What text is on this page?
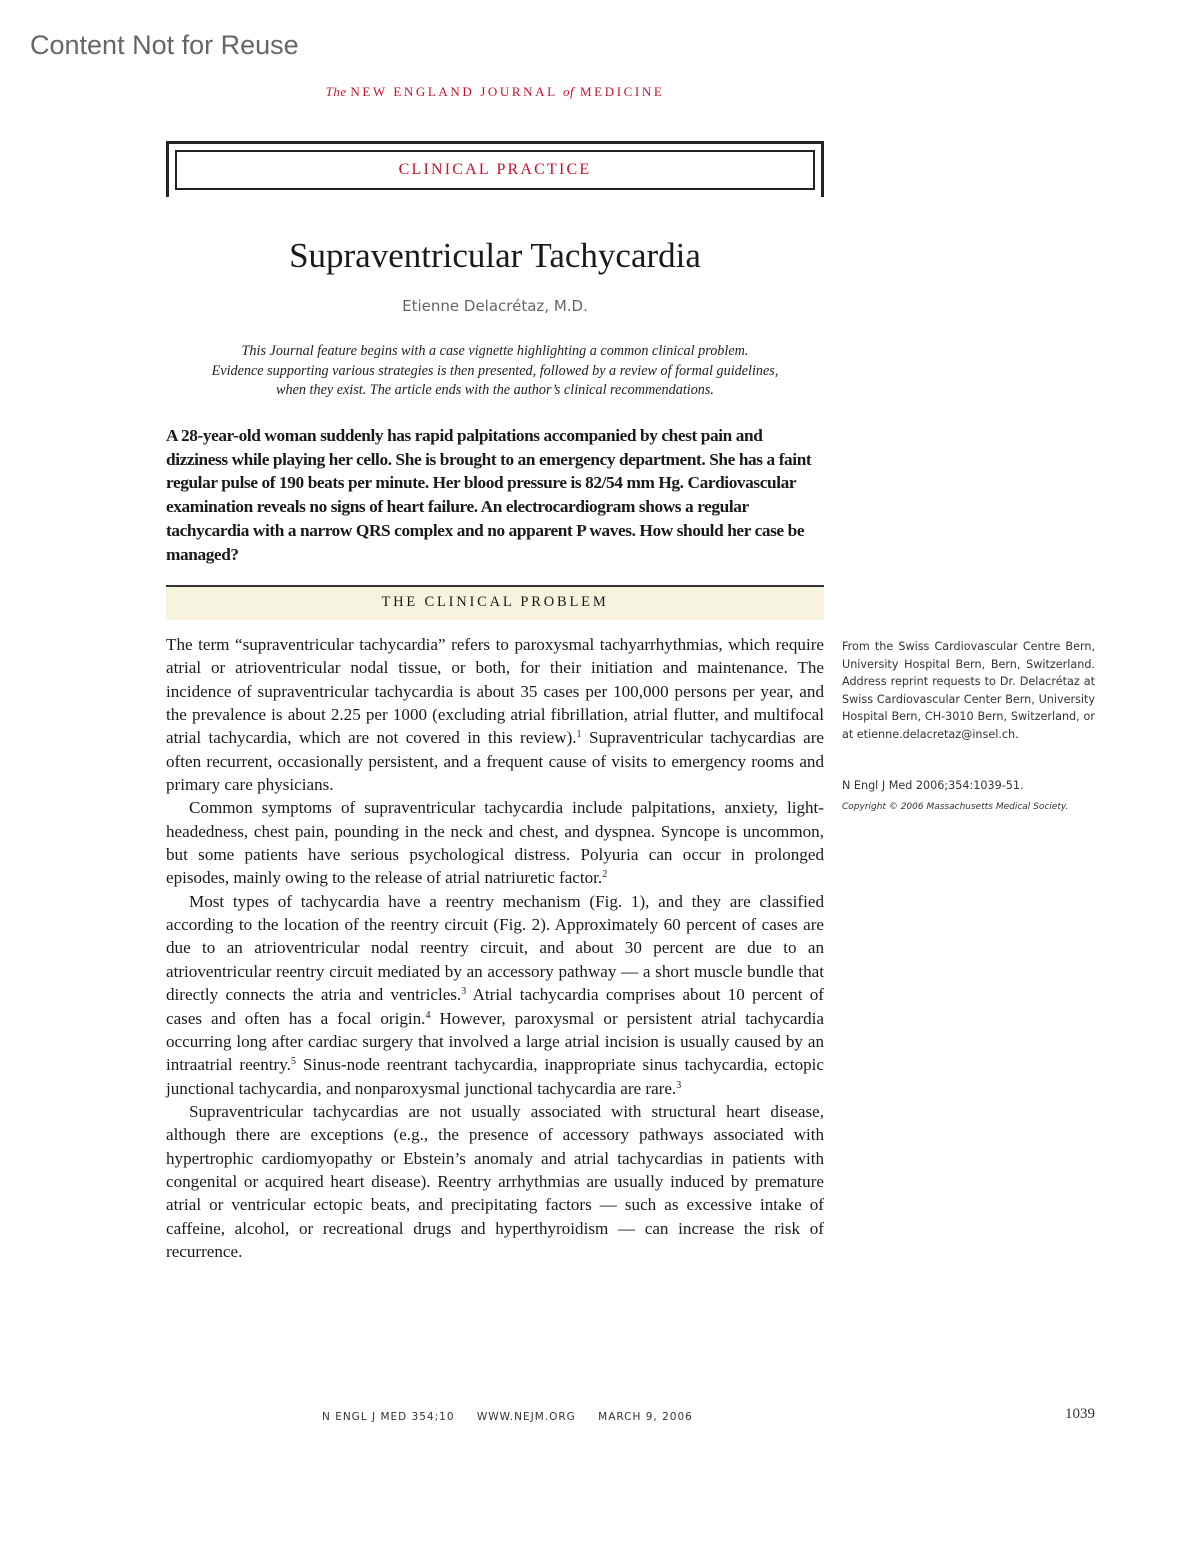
Content Not for Reuse
The NEW ENGLAND JOURNAL of MEDICINE
CLINICAL PRACTICE
Supraventricular Tachycardia
Etienne Delacrétaz, M.D.

This Journal feature begins with a case vignette highlighting a common clinical problem.

Evidence supporting various strategies is then presented, followed by a review of formal guidelines,

when they exist. The article ends with the author’s clinical recommendations.

A 28-year-old woman suddenly has rapid palpitations accompanied by chest pain and dizziness while playing her cello. She is brought to an emergency department. She has a faint regular pulse of 190 beats per minute. Her blood pressure is 82/54 mm Hg. Cardiovascular examination reveals no signs of heart failure. An electrocardiogram shows a regular tachycardia with a narrow QRS complex and no apparent P waves. How should her case be managed?

THE CLINICAL PROBLEM

The term “supraventricular tachycardia” refers to paroxysmal tachyarrhythmias, which require atrial or atrioventricular nodal tissue, or both, for their initiation and maintenance. The incidence of supraventricular tachycardia is about 35 cases per 100,000 persons per year, and the prevalence is about 2.25 per 1000 (excluding atrial fibrillation, atrial flutter, and multifocal atrial tachycardia, which are not covered in this review).$^1$ Supraventricular tachycardias are often recurrent, occasionally persistent, and a frequent cause of visits to emergency rooms and primary care physicians.

Common symptoms of supraventricular tachycardia include palpitations, anxiety, light-headedness, chest pain, pounding in the neck and chest, and dyspnea. Syncope is uncommon, but some patients have serious psychological distress. Polyuria can occur in prolonged episodes, mainly owing to the release of atrial natriuretic factor.$^2$

Most types of tachycardia have a reentry mechanism (Fig. 1), and they are classified according to the location of the reentry circuit (Fig. 2). Approximately 60 percent of cases are due to an atrioventricular nodal reentry circuit, and about 30 percent are due to an atrioventricular reentry circuit mediated by an accessory pathway — a short muscle bundle that directly connects the atria and ventricles.$^3$ Atrial tachycardia comprises about 10 percent of cases and often has a focal origin.$^4$ However, paroxysmal or persistent atrial tachycardia occurring long after cardiac surgery that involved a large atrial incision is usually caused by an intraatrial reentry.$^5$ Sinus-node reentrant tachycardia, inappropriate sinus tachycardia, ectopic junctional tachycardia, and nonparoxysmal junctional tachycardia are rare.$^3$

Supraventricular tachycardias are not usually associated with structural heart disease, although there are exceptions (e.g., the presence of accessory pathways associated with hypertrophic cardiomyopathy or Ebstein’s anomaly and atrial tachycardias in patients with congenital or acquired heart disease). Reentry arrhythmias are usually induced by premature atrial or ventricular ectopic beats, and precipitating factors — such as excessive intake of caffeine, alcohol, or recreational drugs and hyperthyroidism — can increase the risk of recurrence.

From the Swiss Cardiovascular Centre Bern, University Hospital Bern, Bern, Switzerland. Address reprint requests to Dr. Delacrétaz at Swiss Cardiovascular Center Bern, University Hospital Bern, CH-3010 Bern, Switzerland, or at etienne.delacretaz@insel.ch.
N Engl J Med 2006;354:1039-51.
Copyright © 2006 Massachusetts Medical Society.
N ENGL J MED 354;10 WWW.NEJM.ORG MARCH 9, 2006	1039
